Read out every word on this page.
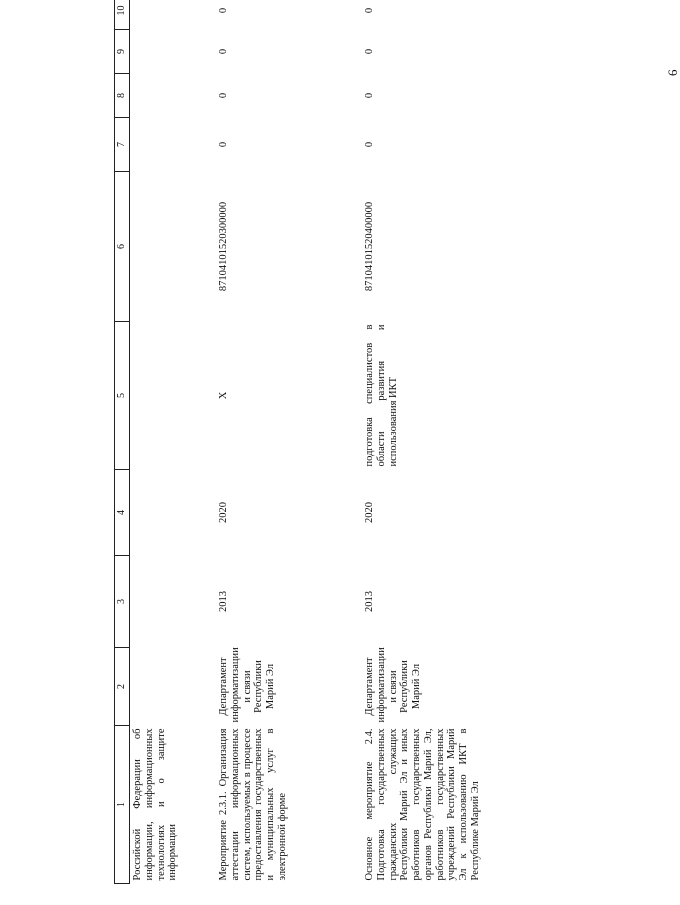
6
1	2	3	4	5	6	7	8	9	10
Российской Федерации об информации, информационных технологиях и о защите информации									
Мероприятие 2.3.1. Организация аттестации информационных систем, используемых в процессе предоставления государственных и муниципальных услуг в электронной форме	Департамент информатизации и связи Республики Марий Эл	2013	2020	Х	87104101520300000	0	0	0	0
Основное мероприятие 2.4. Подготовка государственных гражданских служащих Республики Марий Эл и иных работников государственных органов Республики Марий Эл, работников государственных учреждений Республики Марий Эл к использованию ИКТ в Республике Марий Эл	Департамент информатизации и связи Республики Марий Эл	2013	2020	подготовка специалистов в области развития и использования ИКТ	87104101520400000	0	0	0	0
